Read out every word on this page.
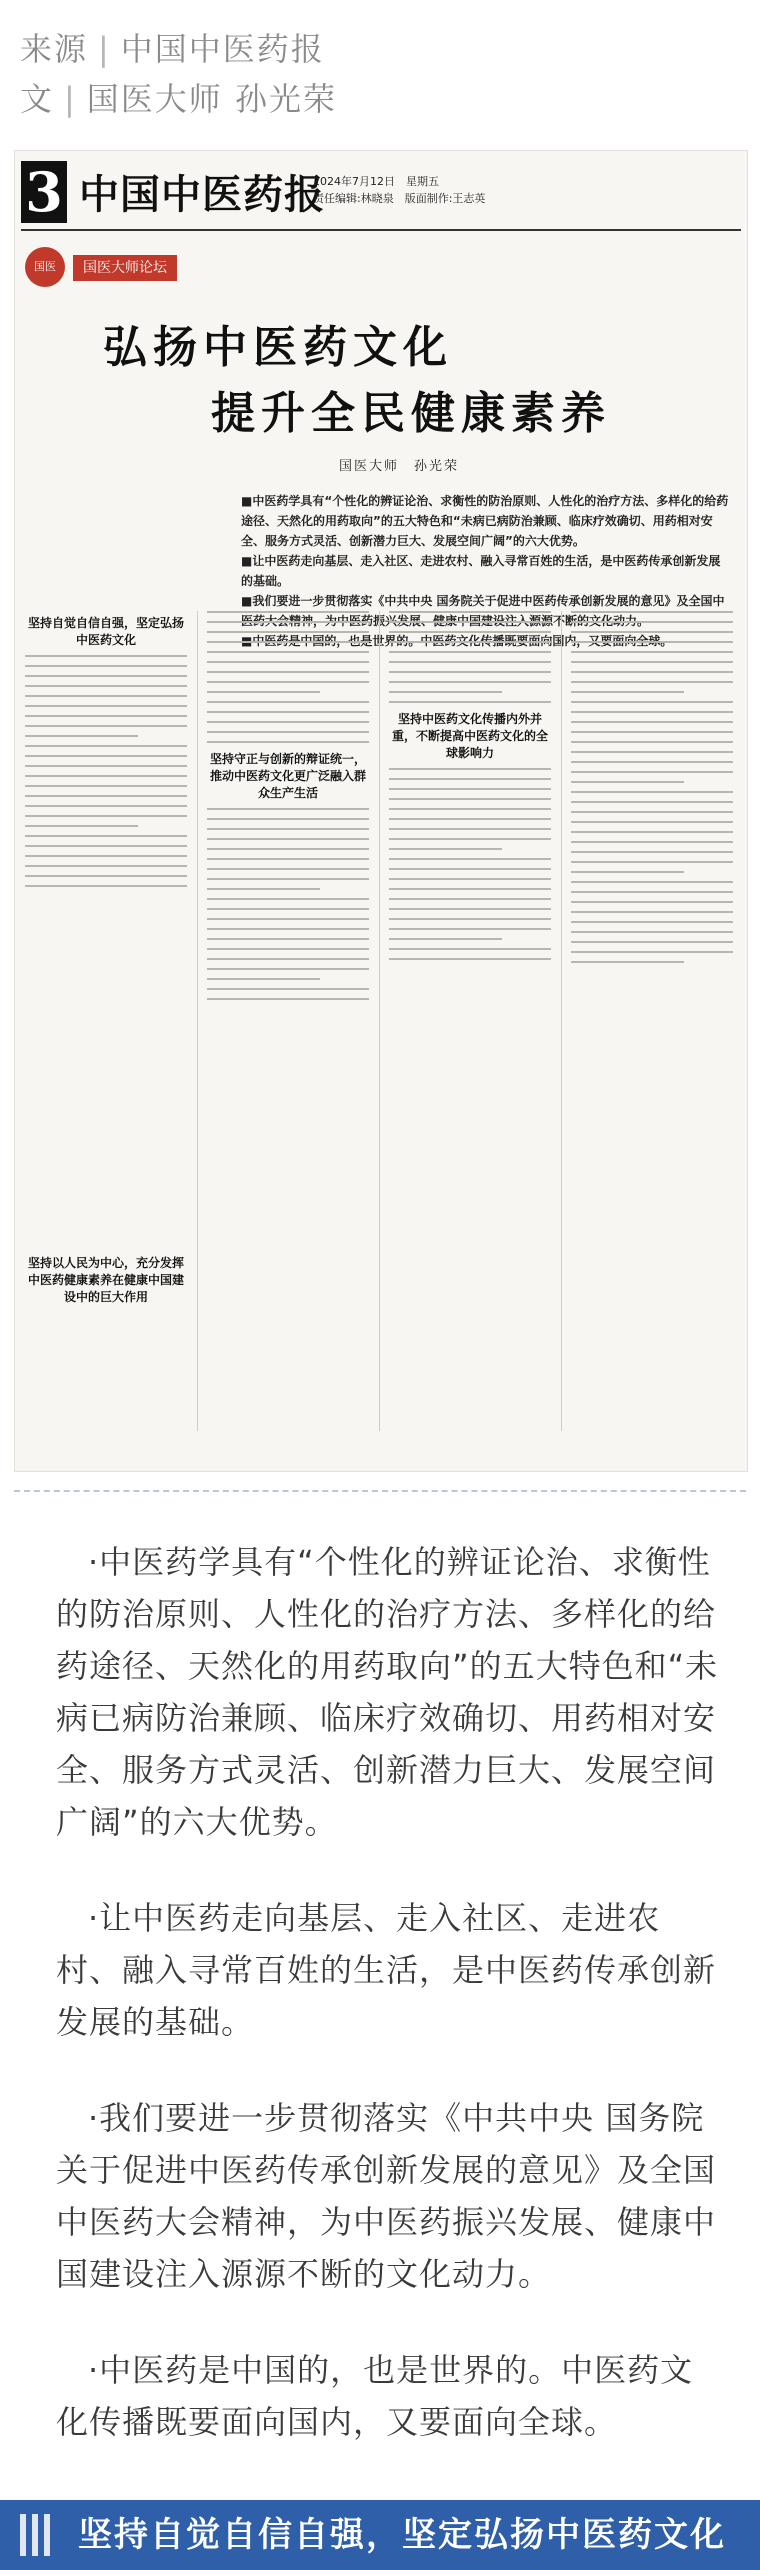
来源 | 中国中医药报
文 | 国医大师 孙光荣
3 中国中医药报
2024年7月12日　星期五
责任编辑:林晓泉　版面制作:王志英
国医	国医大师论坛
弘扬中医药文化
提升全民健康素养
国医大师　孙光荣

■中医药学具有“个性化的辨证论治、求衡性的防治原则、人性化的治疗方法、多样化的给药途径、天然化的用药取向”的五大特色和“未病已病防治兼顾、临床疗效确切、用药相对安全、服务方式灵活、创新潜力巨大、发展空间广阔”的六大优势。

■让中医药走向基层、走入社区、走进农村、融入寻常百姓的生活，是中医药传承创新发展的基础。

■我们要进一步贯彻落实《中共中央 国务院关于促进中医药传承创新发展的意见》及全国中 神，为中医药振兴发展、健康中国建设注入源源不断的文化动力。

坚持自觉自信自强，坚定弘扬中医药文化
坚持守正与创新的辩证统一，推动中医药文化更广泛融入群众生产生活
坚持中医药文化传播内外并重，不断提高中医药文化的全球影响力
坚持以人民为中心，充分发挥中医药健康素养在健康中国建设中的巨大作用

·中医药学具有“个性化的辨证论治、求衡性的防治原则、人性化的治疗方法、多样化的给药途径、天然化的用药取向”的五大特色和“未病已病防治兼顾、临床疗效确切、用药相对安全、服务方式灵活、创新潜力巨大、发展空间广阔”的六大优势。

·让中医药走向基层、走入社区、走进农村、融入寻常百姓的生活，是中医药传承创新发展的基础。

·我们要进一步贯彻落实《中共中央 国务院关于促进中医药传承创新发展的意见》及全国中医药大会精神，为中医药振兴发展、健康中国建设注入源源不断的文化动力。

·中医药是中国的，也是世界的。中医药文化传播既要面向国内，又要面向全球。

坚持自觉自信自强，坚定弘扬中医药文化
